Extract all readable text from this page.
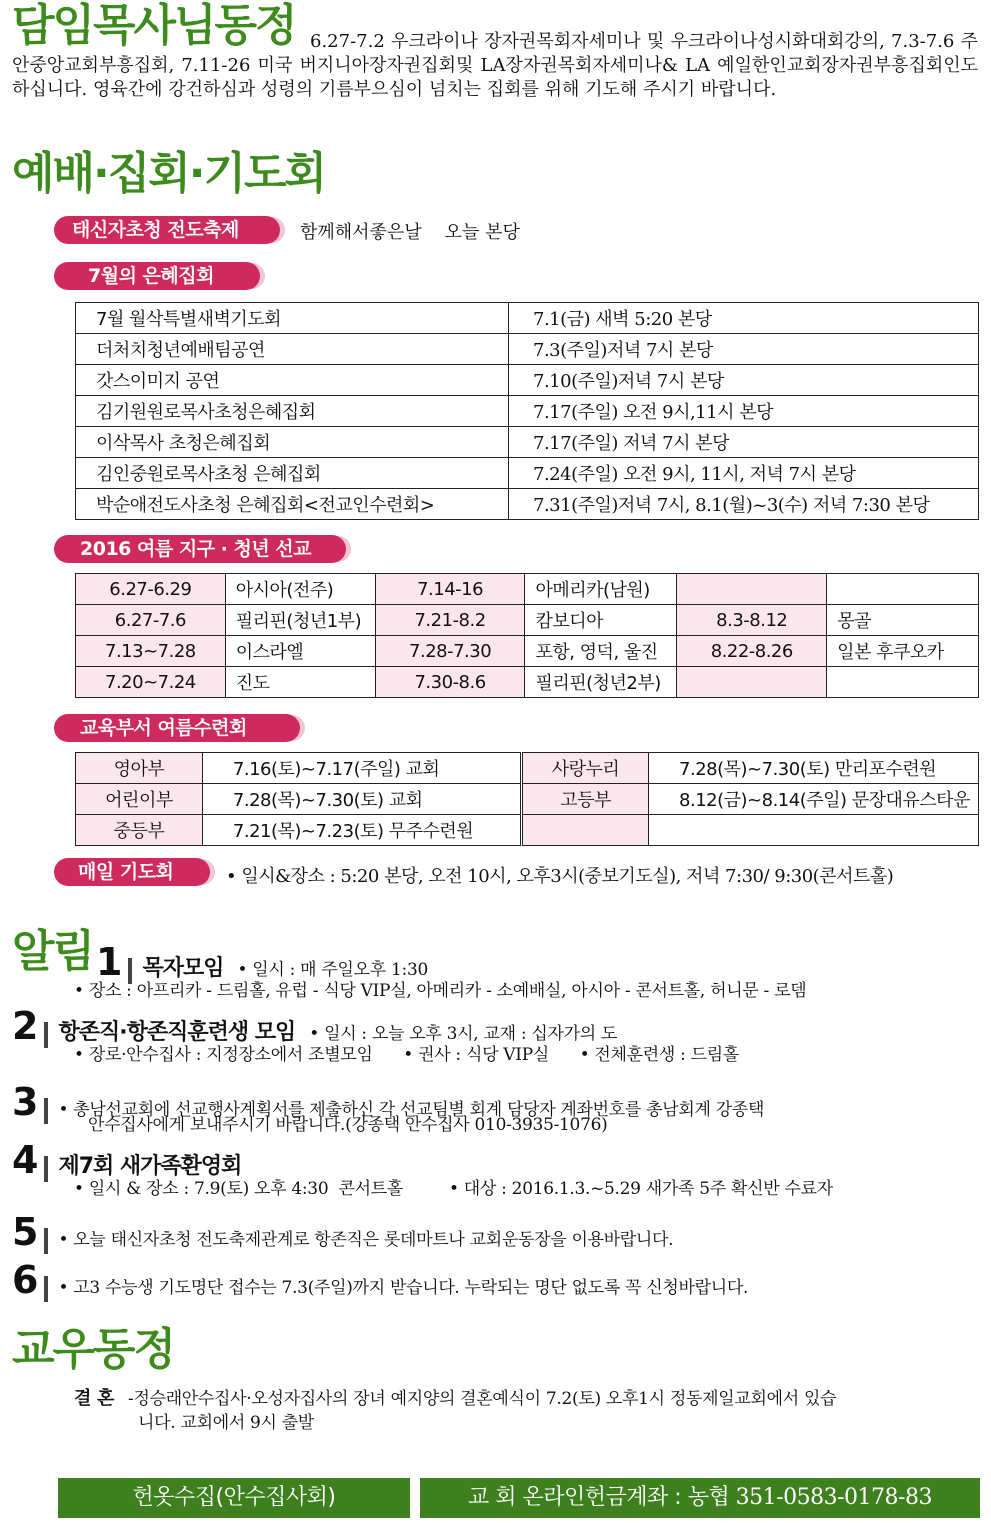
담임목사님동정 6.27-7.2 우크라이나 장자권목회자세미나 및 우크라이나성시화대회강의, 7.3-7.6 주안중앙교회부흥집회, 7.11-26 미국 버지니아장자권집회및 LA장자권목회자세미나& LA 예일한인교회장자권부흥집회인도하십니다. 영육간에 강건하심과 성령의 기름부으심이 넘치는 집회를 위해 기도해 주시기 바랍니다.
예배·집회·기도회
태신자초청 전도축제	함께해서좋은날    오늘 본당
7월의 은혜집회
7월 월삭특별새벽기도회	7.1(금) 새벽 5:20 본당
더처치청년예배팀공연	7.3(주일)저녁 7시 본당
갓스이미지 공연	7.10(주일)저녁 7시 본당
김기원원로목사초청은혜집회	7.17(주일) 오전 9시,11시 본당
이삭목사 초청은혜집회	7.17(주일) 저녁 7시 본당
김인중원로목사초청 은혜집회	7.24(주일) 오전 9시, 11시, 저녁 7시 본당
박순애전도사초청 은혜집회<전교인수련회>	7.31(주일)저녁 7시, 8.1(월)~3(수) 저녁 7:30 본당
2016 여름 지구 · 청년 선교
6.27-6.29	아시아(전주)	7.14-16	아메리카(남원)		
6.27-7.6	필리핀(청년1부)	7.21-8.2	캄보디아	8.3-8.12	몽골
7.13~7.28	이스라엘	7.28-7.30	포항, 영덕, 울진	8.22-8.26	일본 후쿠오카
7.20~7.24	진도	7.30-8.6	필리핀(청년2부)		
교육부서 여름수련회
영아부	7.16(토)~7.17(주일) 교회	사랑누리	7.28(목)~7.30(토) 만리포수련원
어린이부	7.28(목)~7.30(토) 교회	고등부	8.12(금)~8.14(주일) 문장대유스타운
중등부	7.21(목)~7.23(토) 무주수련원		
매일 기도회	• 일시&장소 : 5:20 본당, 오전 10시, 오후3시(중보기도실), 저녁 7:30/ 9:30(콘서트홀)
알림 1 목자모임 • 일시 : 매 주일오후 1:30
• 장소 : 아프리카 - 드림홀, 유럽 - 식당 VIP실, 아메리카 - 소예배실, 아시아 - 콘서트홀, 허니문 - 로뎀
2 항존직·항존직훈련생 모임 • 일시 : 오늘 오후 3시, 교재 : 십자가의 도
• 장로·안수집사 : 지정장소에서 조별모임      • 권사 : 식당 VIP실      • 전체훈련생 : 드림홀
3 • 총남선교회에 선교행사계획서를 제출하신 각 선교팀별 회계 담당자 계좌번호를 총남회계 강종택
안수집사에게 보내주시기 바랍니다.(강종택 안수집사 010-3935-1076)
4 제7회 새가족환영회
• 일시 & 장소 : 7.9(토) 오후 4:30  콘서트홀         • 대상 : 2016.1.3.~5.29 새가족 5주 확신반 수료자
5 • 오늘 태신자초청 전도축제관계로 항존직은 롯데마트나 교회운동장을 이용바랍니다.
6 • 고3 수능생 기도명단 접수는 7.3(주일)까지 받습니다. 누락되는 명단 없도록 꼭 신청바랍니다.
교우동정
결 혼 -정승래안수집사·오성자집사의 장녀 예지양의 결혼예식이 7.2(토) 오후1시 정동제일교회에서 있습
니다. 교회에서 9시 출발
헌옷수집(안수집사회)	교 회 온라인헌금계좌 : 농협 351-0583-0178-83
